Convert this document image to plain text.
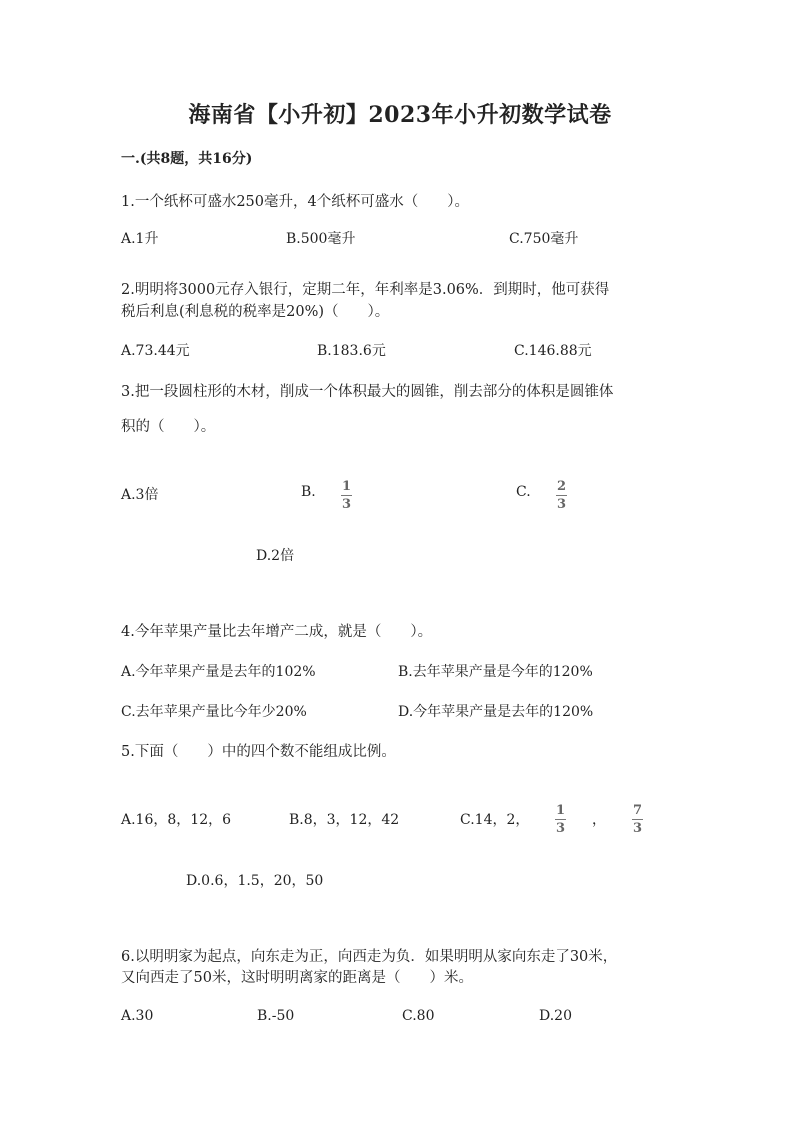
海南省【小升初】2023年小升初数学试卷
一.(共8题，共16分)
1.一个纸杯可盛水250毫升，4个纸杯可盛水（　　）。
A.1升	B.500毫升	C.750毫升
2.明明将3000元存入银行，定期二年，年利率是3.06%．到期时，他可获得
税后利息(利息税的税率是20%)（　　）。
A.73.44元	B.183.6元	C.146.88元
3.把一段圆柱形的木材，削成一个体积最大的圆锥，削去部分的体积是圆锥体
积的（　　）。
A.3倍	B. 1
3
C. 2
3
D.2倍
4.今年苹果产量比去年增产二成，就是（　　）。
A.今年苹果产量是去年的102%	B.去年苹果产量是今年的120%
C.去年苹果产量比今年少20%	D.今年苹果产量是去年的120%
5.下面（　　）中的四个数不能组成比例。
A.16，8，12，6	B.8，3，12，42	C.14，2，
1
3
，
7
3
D.0.6，1.5，20，50
6.以明明家为起点，向东走为正，向西走为负．如果明明从家向东走了30米，
又向西走了50米，这时明明离家的距离是（　　）米。
A.30	B.-50	C.80	D.20
